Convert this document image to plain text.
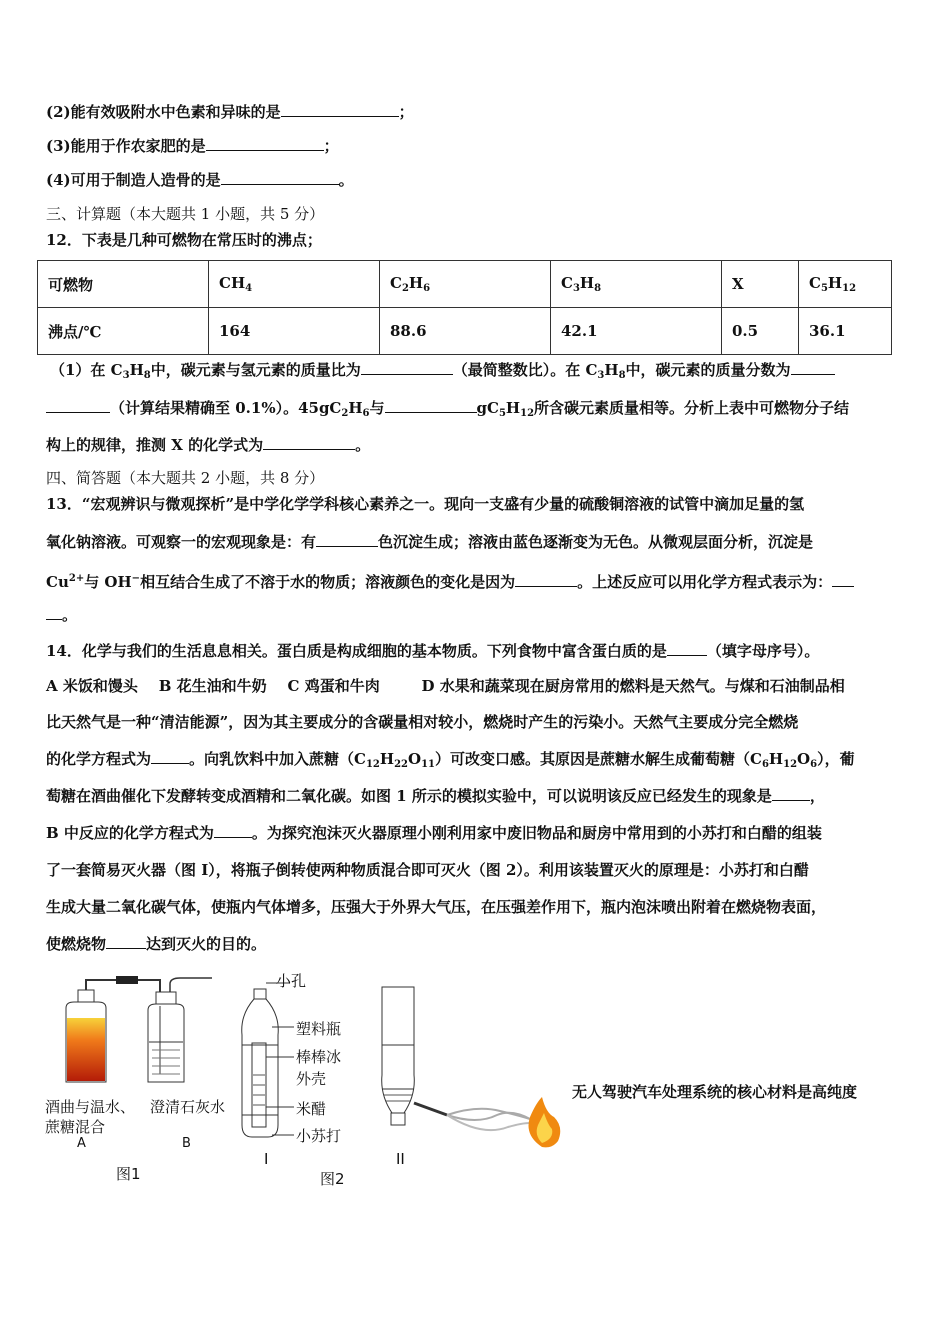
(2)能有效吸附水中色素和异味的是	；
(3)能用于作农家肥的是	；
(4)可用于制造人造骨的是	。
三、计算题（本大题共 1 小题，共 5 分）
12．下表是几种可燃物在常压时的沸点；
可燃物	$CH_4$	$C_2H_6$	$C_3H_8$	X	$C_5H_{12}$
沸点/℃	164	88.6	42.1	0.5	36.1
（1）在 $C_3H_8$中，碳元素与氢元素的质量比为	（最简整数比）。在 $C_3H_8$中，碳元素的质量分数为
（计算结果精确至 0.1%）。$45gC_2H_6$与	$gC_5H_{12}$所含碳元素质量相等。分析上表中可燃物分子结
构上的规律，推测 X 的化学式为	。
四、简答题（本大题共 2 小题，共 8 分）
13．“宏观辨识与微观探析”是中学化学学科核心素养之一。现向一支盛有少量的硫酸铜溶液的试管中滴加足量的氢
氧化钠溶液。可观察一的宏观现象是：有	色沉淀生成；溶液由蓝色逐渐变为无色。从微观层面分析，沉淀是
$Cu^{2+}$与 OH−相互结合生成了不溶于水的物质；溶液颜色的变化是因为	。上述反应可以用化学方程式表示为：
。
14．化学与我们的生活息息相关。蛋白质是构成细胞的基本物质。下列食物中富含蛋白质的是	（填字母序号）。
A 米饭和馒头    B 花生油和牛奶    C 鸡蛋和牛肉        D 水果和蔬菜现在厨房常用的燃料是天然气。与煤和石油制品相
比天然气是一种“清洁能源”，因为其主要成分的含碳量相对较小，燃烧时产生的污染小。天然气主要成分完全燃烧
的化学方程式为	。向乳饮料中加入蔗糖$(C_{12}H_{22}O_{11})$可改变口感。其原因是蔗糖水解生成葡萄糖$(C_6H_{12}O_6)$，葡
萄糖在酒曲催化下发酵转变成酒精和二氧化碳。如图 1 所示的模拟实验中，可以说明该反应已经发生的现象是	，
B 中反应的化学方程式为	。为探究泡沫灭火器原理小刚利用家中废旧物品和厨房中常用到的小苏打和白醋的组装
了一套简易灭火器（图 I），将瓶子倒转使两种物质混合即可灭火（图 2）。利用该装置灭火的原理是：小苏打和白醋
生成大量二氧化碳气体，使瓶内气体增多，压强大于外界大气压，在压强差作用下，瓶内泡沫喷出附着在燃烧物表面，
使燃烧物	达到灭火的目的。
酒曲与温水、
蔗糖混合
澄清石灰水
A	B
图1
小孔
塑料瓶
棒棒冰
外壳
米醋
小苏打
I	II
图2
无人驾驶汽车处理系统的核心材料是高纯度
